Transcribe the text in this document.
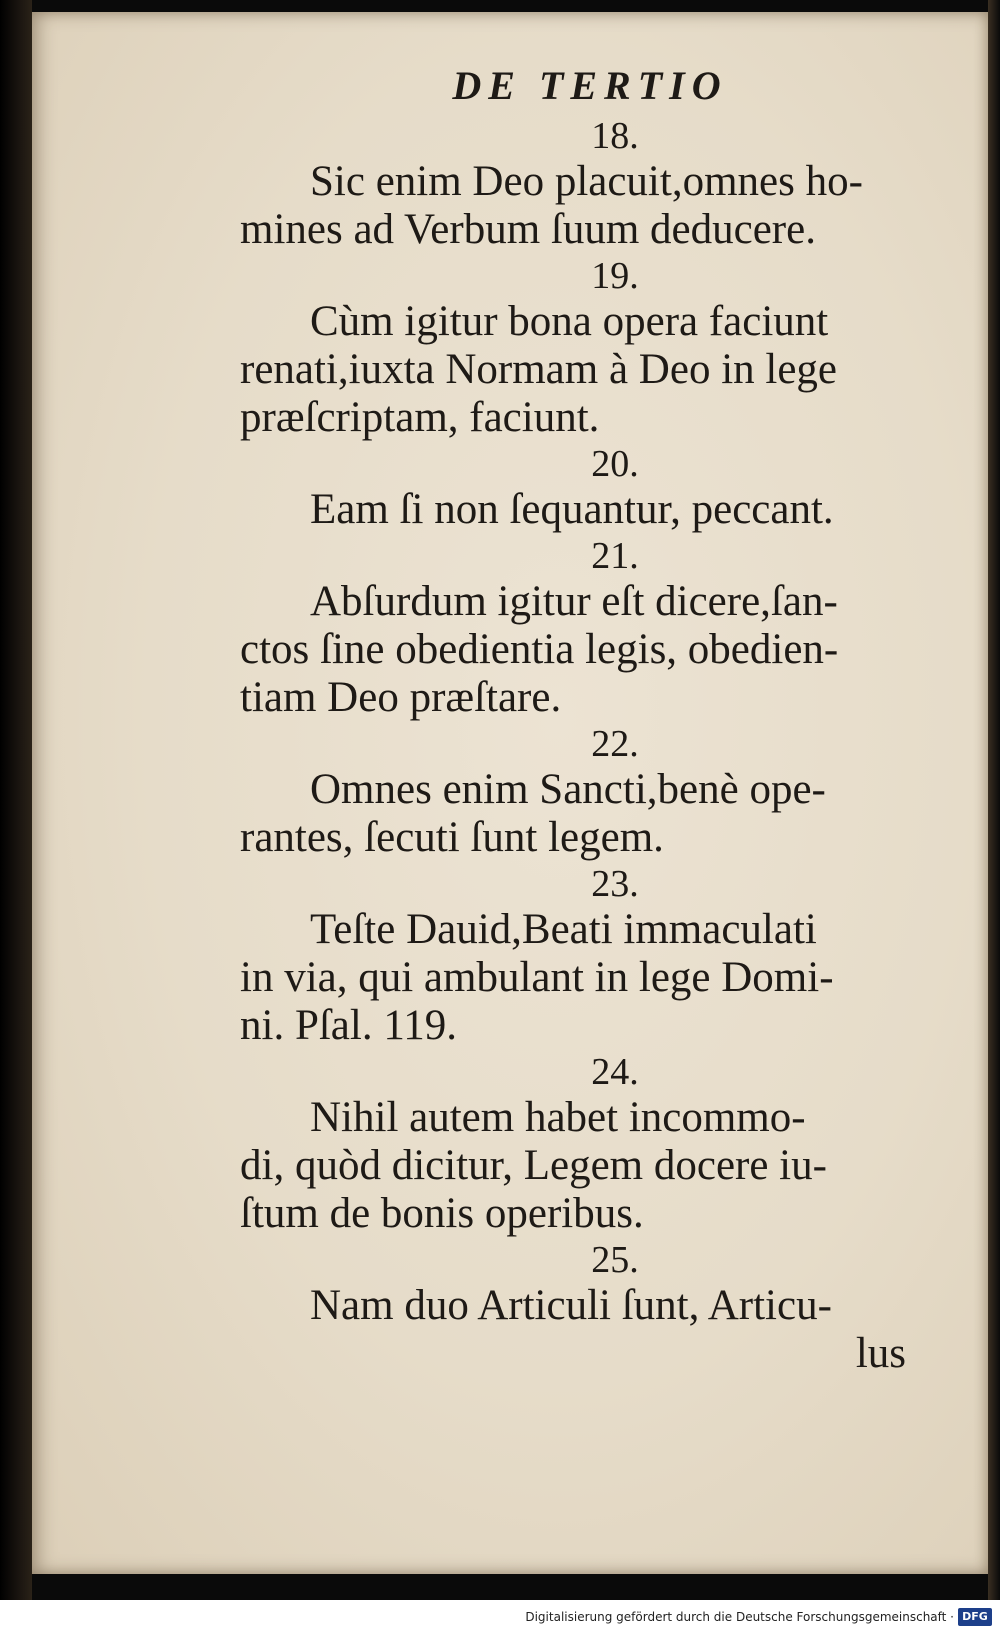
DE TERTIO
18.
Sic enim Deo placuit,omnes ho-
mines ad Verbum ſuum deducere.
19.
Cùm igitur bona opera faciunt
renati,iuxta Normam à Deo in lege
præſcriptam, faciunt.
20.
Eam ſi non ſequantur, peccant.
21.
Abſurdum igitur eſt dicere,ſan-
ctos ſine obedientia legis, obedien-
tiam Deo præſtare.
22.
Omnes enim Sancti,benè ope-
rantes, ſecuti ſunt legem.
23.
Teſte Dauid,Beati immaculati
in via, qui ambulant in lege Domi-
ni. Pſal. 119.
24.
Nihil autem habet incommo-
di, quòd dicitur, Legem docere iu-
ſtum de bonis operibus.
25.
Nam duo Articuli ſunt, Articu-
lus
Digitalisierung gefördert durch die Deutsche Forschungsgemeinschaft · DFG
